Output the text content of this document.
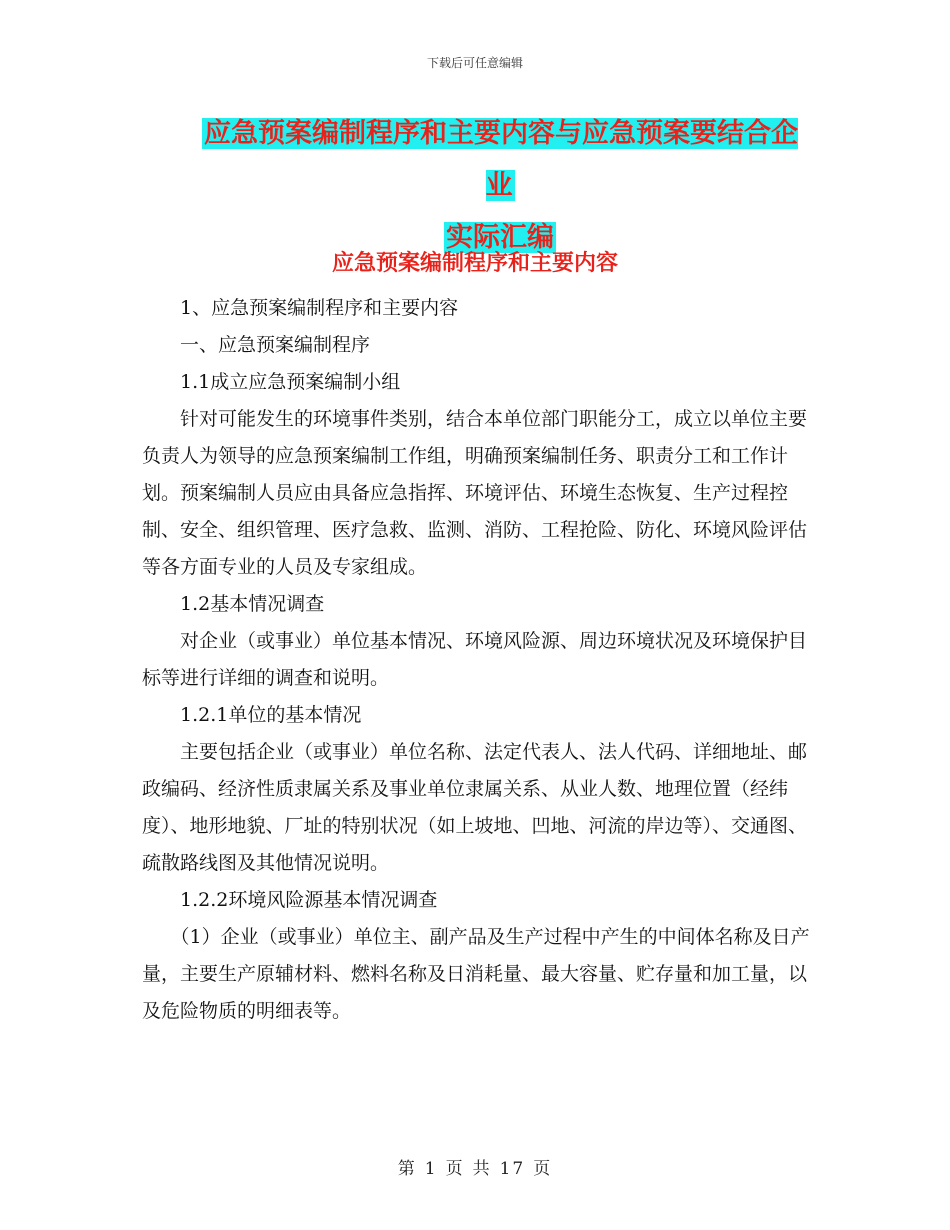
下载后可任意编辑
应急预案编制程序和主要内容与应急预案要结合企业
实际汇编
应急预案编制程序和主要内容

1、应急预案编制程序和主要内容

一、应急预案编制程序

1.1成立应急预案编制小组

针对可能发生的环境事件类别，结合本单位部门职能分工，成立以单位主要负责人为领导的应急预案编制工作组，明确预案编制任务、职责分工和工作计划。预案编制人员应由具备应急指挥、环境评估、环境生态恢复、生产过程控制、安全、组织管理、医疗急救、监测、消防、工程抢险、防化、环境风险评估等各方面专业的人员及专家组成。

1.2基本情况调查

对企业（或事业）单位基本情况、环境风险源、周边环境状况及环境保护目标等进行详细的调查和说明。

1.2.1单位的基本情况

主要包括企业（或事业）单位名称、法定代表人、法人代码、详细地址、邮政编码、经济性质隶属关系及事业单位隶属关系、从业人数、地理位置（经纬度）、地形地貌、厂址的特别状况（如上坡地、凹地、河流的岸边等）、交通图、疏散路线图及其他情况说明。

1.2.2环境风险源基本情况调查

（1）企业（或事业）单位主、副产品及生产过程中产生的中间体名称及日产量，主要生产原辅材料、燃料名称及日消耗量、最大容量、贮存量和加工量，以及危险物质的明细表等。

第 1 页 共 17 页
